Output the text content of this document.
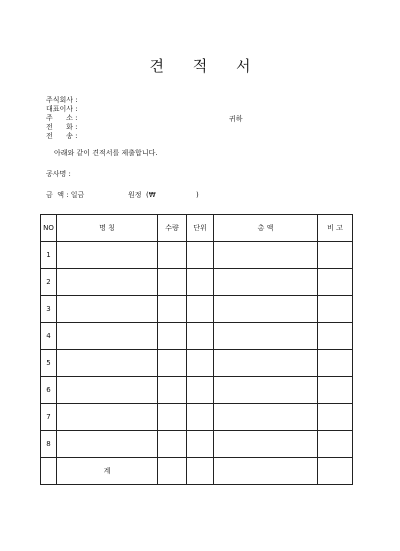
견 적 서
주식회사 :
대표이사 :
주      소 :
전      화 :
전      송 :
귀하
아래와 같이 견적서를 제출합니다.
공사명 :
금  액 : 일금	원정  (₩	)
NO	명 칭	수량	단위	총 액	비 고
1					
2					
3					
4					
5					
6					
7					
8					
	계				
